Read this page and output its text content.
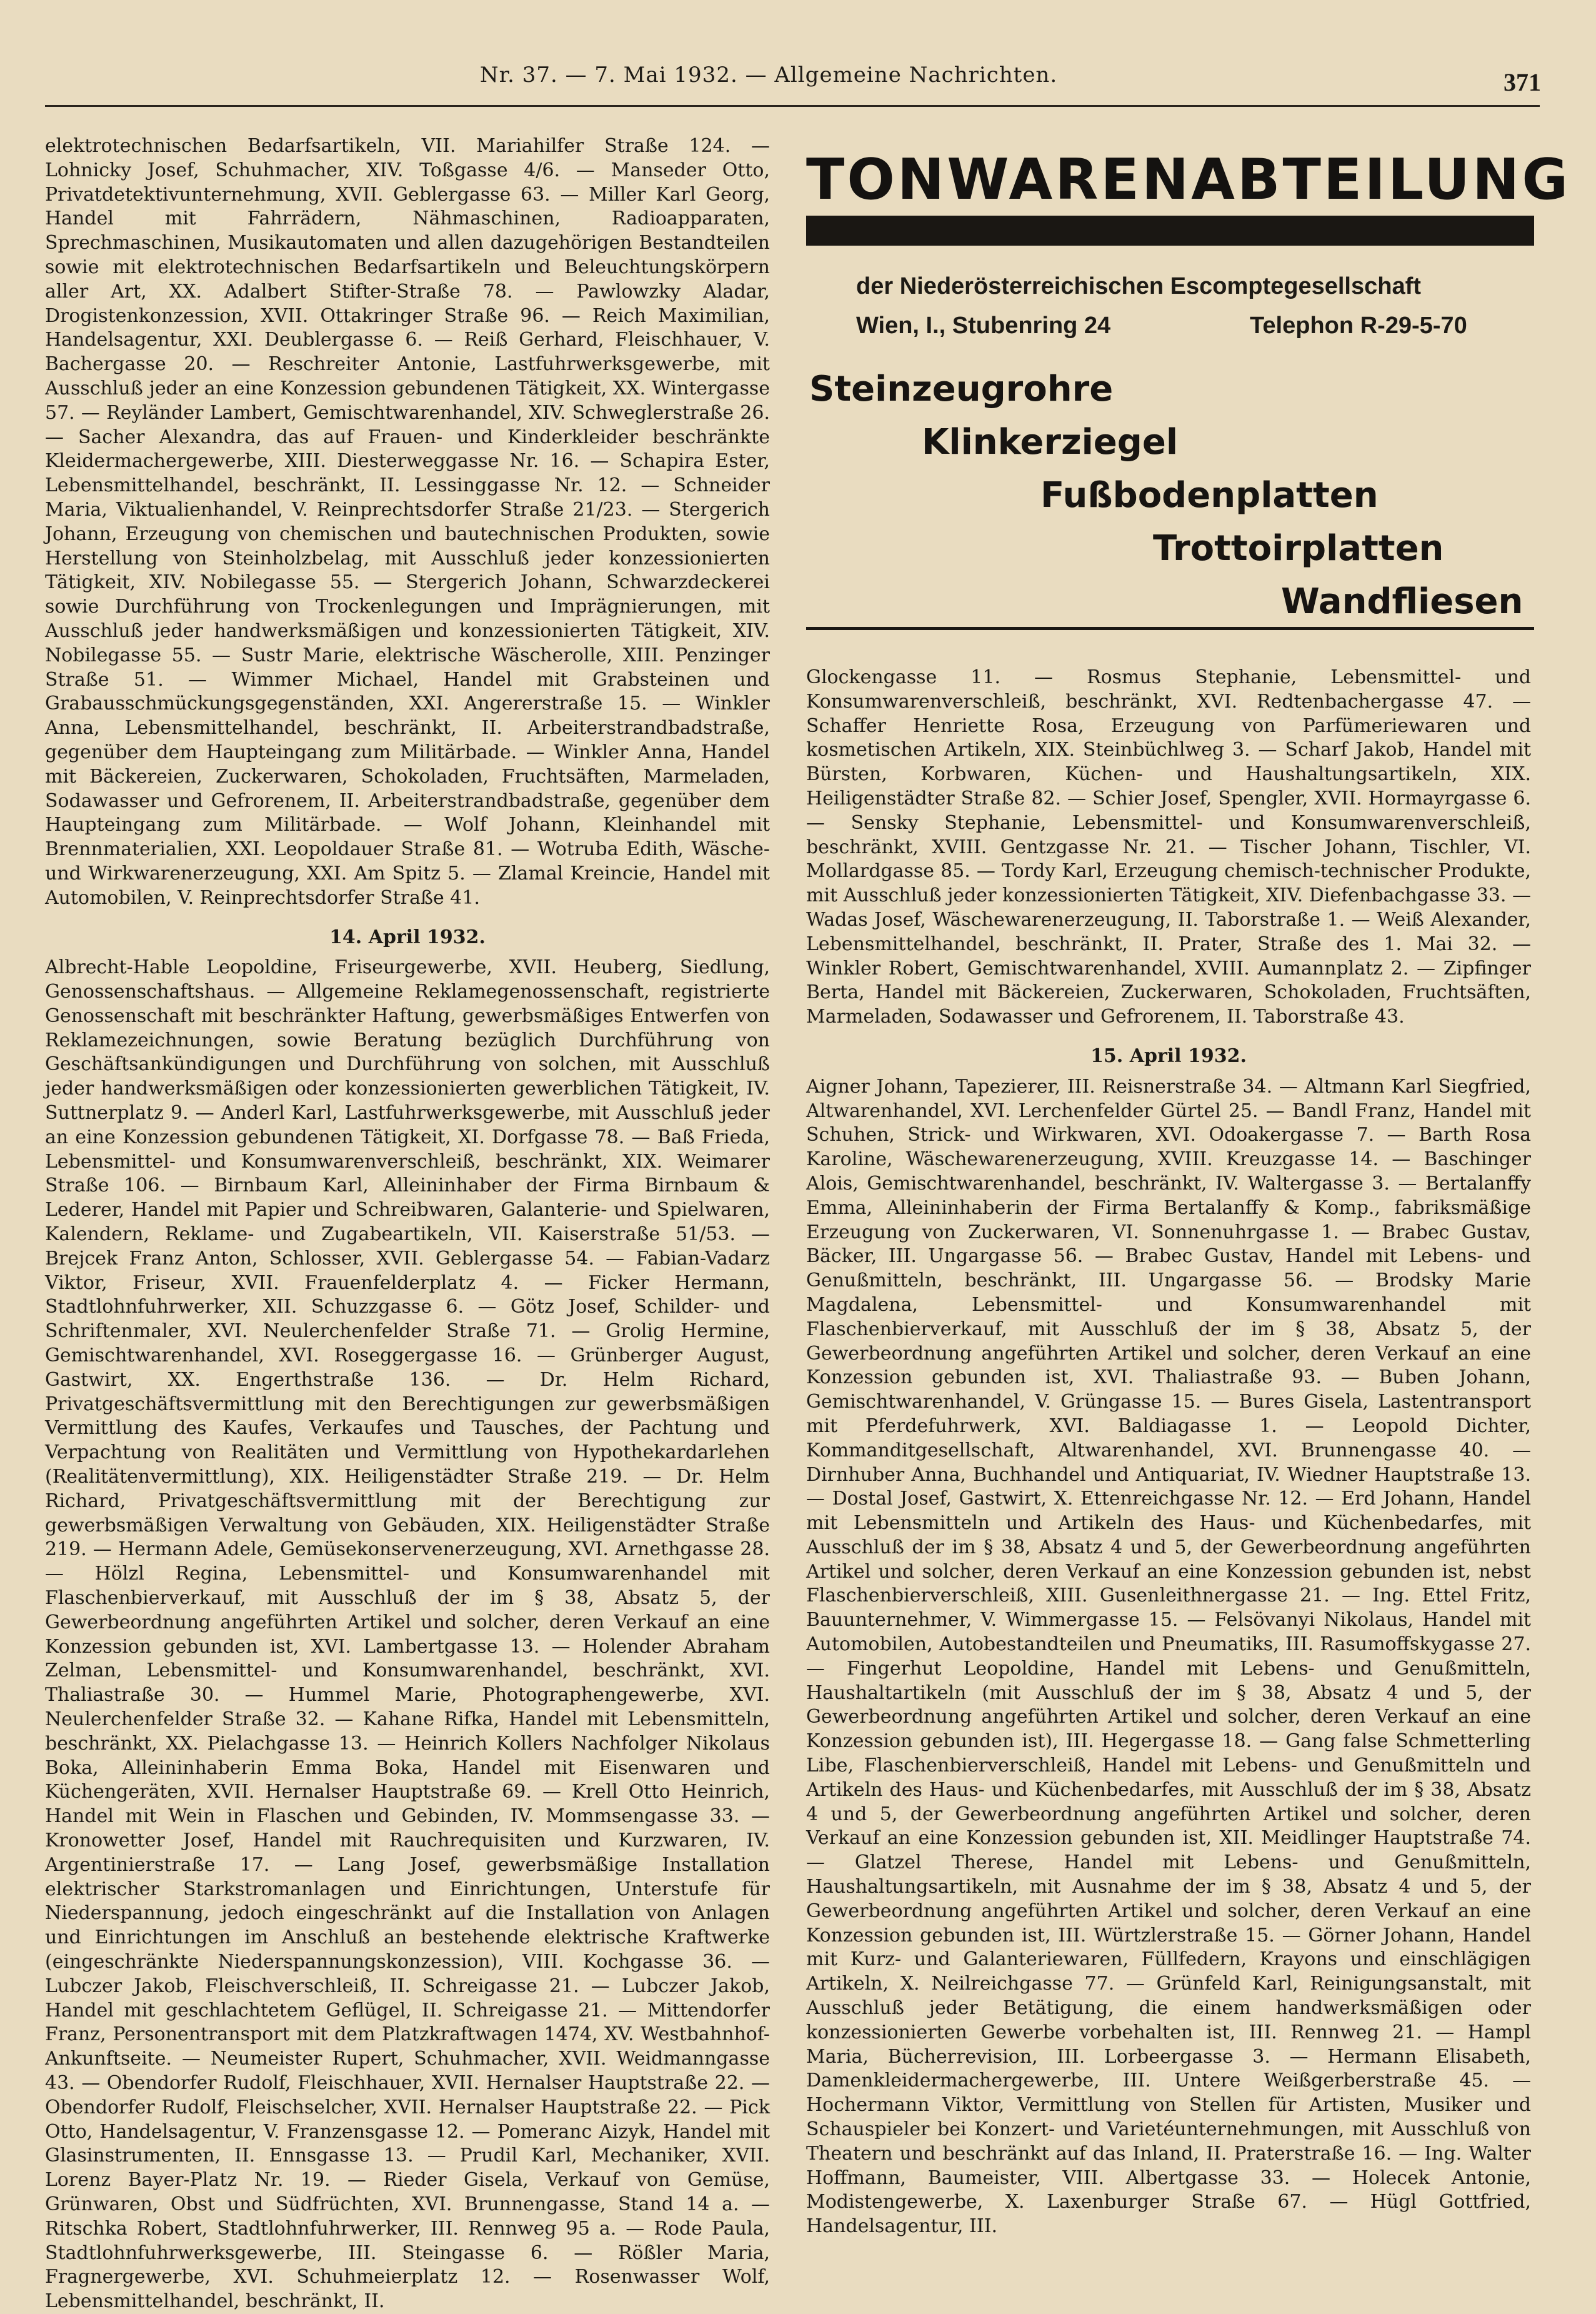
Nr. 37. — 7. Mai 1932. — Allgemeine Nachrichten.	371

elektrotechnischen Bedarfsartikeln, VII. Mariahilfer Straße 124. — Lohnicky Josef, Schuhmacher, XIV. Toßgasse 4/6. — Manseder Otto, Privatdetektivunternehmung, XVII. Geblergasse 63. — Miller Karl Georg, Handel mit Fahrrädern, Nähmaschinen, Radioapparaten, Sprechmaschinen, Musikautomaten und allen dazugehörigen Bestandteilen sowie mit elektrotechnischen Bedarfsartikeln und Beleuchtungskörpern aller Art, XX. Adalbert Stifter-Straße 78. — Pawlowzky Aladar, Drogistenkonzession, XVII. Ottakringer Straße 96. — Reich Maximilian, Handelsagentur, XXI. Deublergasse 6. — Reiß Gerhard, Fleischhauer, V. Bachergasse 20. — Reschreiter Antonie, Lastfuhrwerksgewerbe, mit Ausschluß jeder an eine Konzession gebundenen Tätigkeit, XX. Wintergasse 57. — Reyländer Lambert, Gemischtwarenhandel, XIV. Schweglerstraße 26. — Sacher Alexandra, das auf Frauen- und Kinderkleider beschränkte Kleidermachergewerbe, XIII. Diesterweggasse Nr. 16. — Schapira Ester, Lebensmittelhandel, beschränkt, II. Lessinggasse Nr. 12. — Schneider Maria, Viktualienhandel, V. Reinprechtsdorfer Straße 21/23. — Stergerich Johann, Erzeugung von chemischen und bautechnischen Produkten, sowie Herstellung von Steinholzbelag, mit Ausschluß jeder konzessionierten Tätigkeit, XIV. Nobilegasse 55. — Stergerich Johann, Schwarzdeckerei sowie Durchführung von Trockenlegungen und Imprägnierungen, mit Ausschluß jeder handwerksmäßigen und konzessionierten Tätigkeit, XIV. Nobilegasse 55. — Sustr Marie, elektrische Wäscherolle, XIII. Penzinger Straße 51. — Wimmer Michael, Handel mit Grabsteinen und Grabausschmückungsgegenständen, XXI. Angererstraße 15. — Winkler Anna, Lebensmittelhandel, beschränkt, II. Arbeiterstrandbadstraße, gegenüber dem Haupteingang zum Militärbade. — Winkler Anna, Handel mit Bäckereien, Zuckerwaren, Schokoladen, Fruchtsäften, Marmeladen, Sodawasser und Gefrorenem, II. Arbeiterstrandbadstraße, gegenüber dem Haupteingang zum Militärbade. — Wolf Johann, Kleinhandel mit Brennmaterialien, XXI. Leopoldauer Straße 81. — Wotruba Edith, Wäsche- und Wirkwarenerzeugung, XXI. Am Spitz 5. — Zlamal Kreincie, Handel mit Automobilen, V. Reinprechtsdorfer Straße 41.

14. April 1932.

Albrecht-Hable Leopoldine, Friseurgewerbe, XVII. Heuberg, Siedlung, Genossenschaftshaus. — Allgemeine Reklamegenossenschaft, registrierte Genossenschaft mit beschränkter Haftung, gewerbsmäßiges Entwerfen von Reklamezeichnungen, sowie Beratung bezüglich Durchführung von Geschäftsankündigungen und Durchführung von solchen, mit Ausschluß jeder handwerksmäßigen oder konzessionierten gewerblichen Tätigkeit, IV. Suttnerplatz 9. — Anderl Karl, Lastfuhrwerksgewerbe, mit Ausschluß jeder an eine Konzession gebundenen Tätigkeit, XI. Dorfgasse 78. — Baß Frieda, Lebensmittel- und Konsumwarenverschleiß, beschränkt, XIX. Weimarer Straße 106. — Birnbaum Karl, Alleininhaber der Firma Birnbaum & Lederer, Handel mit Papier und Schreibwaren, Galanterie- und Spielwaren, Kalendern, Reklame- und Zugabeartikeln, VII. Kaiserstraße 51/53. — Brejcek Franz Anton, Schlosser, XVII. Geblergasse 54. — Fabian-Vadarz Viktor, Friseur, XVII. Frauenfelderplatz 4. — Ficker Hermann, Stadtlohnfuhrwerker, XII. Schuzzgasse 6. — Götz Josef, Schilder- und Schriftenmaler, XVI. Neulerchenfelder Straße 71. — Grolig Hermine, Gemischtwarenhandel, XVI. Roseggergasse 16. — Grünberger August, Gastwirt, XX. Engerthstraße 136. — Dr. Helm Richard, Privatgeschäftsvermittlung mit den Berechtigungen zur gewerbsmäßigen Vermittlung des Kaufes, Verkaufes und Tausches, der Pachtung und Verpachtung von Realitäten und Vermittlung von Hypothekardarlehen (Realitätenvermittlung), XIX. Heiligenstädter Straße 219. — Dr. Helm Richard, Privatgeschäftsvermittlung mit der Berechtigung zur gewerbsmäßigen Verwaltung von Gebäuden, XIX. Heiligenstädter Straße 219. — Hermann Adele, Gemüsekonservenerzeugung, XVI. Arnethgasse 28. — Hölzl Regina, Lebensmittel- und Konsumwarenhandel mit Flaschenbierverkauf, mit Ausschluß der im § 38, Absatz 5, der Gewerbeordnung angeführten Artikel und solcher, deren Verkauf an eine Konzession gebunden ist, XVI. Lambertgasse 13. — Holender Abraham Zelman, Lebensmittel- und Konsumwarenhandel, beschränkt, XVI. Thaliastraße 30. — Hummel Marie, Photographengewerbe, XVI. Neulerchenfelder Straße 32. — Kahane Rifka, Handel mit Lebensmitteln, beschränkt, XX. Pielachgasse 13. — Heinrich Kollers Nachfolger Nikolaus Boka, Alleininhaberin Emma Boka, Handel mit Eisenwaren und Küchengeräten, XVII. Hernalser Hauptstraße 69. — Krell Otto Heinrich, Handel mit Wein in Flaschen und Gebinden, IV. Mommsengasse 33. — Kronowetter Josef, Handel mit Rauchrequisiten und Kurzwaren, IV. Argentinierstraße 17. — Lang Josef, gewerbsmäßige Installation elektrischer Starkstromanlagen und Einrichtungen, Unterstufe für Niederspannung, jedoch eingeschränkt auf die Installation von Anlagen und Einrichtungen im Anschluß an bestehende elektrische Kraftwerke (eingeschränkte Niederspannungskonzession), VIII. Kochgasse 36. — Lubczer Jakob, Fleischverschleiß, II. Schreigasse 21. — Lubczer Jakob, Handel mit geschlachtetem Geflügel, II. Schreigasse 21. — Mittendorfer Franz, Personentransport mit dem Platzkraftwagen 1474, XV. Westbahnhof-Ankunftseite. — Neumeister Rupert, Schuhmacher, XVII. Weidmanngasse 43. — Obendorfer Rudolf, Fleischhauer, XVII. Hernalser Hauptstraße 22. — Obendorfer Rudolf, Fleischselcher, XVII. Hernalser Hauptstraße 22. — Pick Otto, Handelsagentur, V. Franzensgasse 12. — Pomeranc Aizyk, Handel mit Glasinstrumenten, II. Ennsgasse 13. — Prudil Karl, Mechaniker, XVII. Lorenz Bayer-Platz Nr. 19. — Rieder Gisela, Verkauf von Gemüse, Grünwaren, Obst und Südfrüchten, XVI. Brunnengasse, Stand 14 a. — Ritschka Robert, Stadtlohnfuhrwerker, III. Rennweg 95 a. — Rode Paula, Stadtlohnfuhrwerksgewerbe, III. Steingasse 6. — Rößler Maria, Fragnergewerbe, XVI. Schuhmeierplatz 12. — Rosenwasser Wolf, Lebensmittelhandel, beschränkt, II.

TONWARENABTEILUNG
der Niederösterreichischen Escomptegesellschaft
Wien, I., Stubenring 24	Telephon R-29-5-70
Steinzeugrohre
Klinkerziegel
Fußbodenplatten
Trottoirplatten
Wandfliesen

Glockengasse 11. — Rosmus Stephanie, Lebensmittel- und Konsumwarenverschleiß, beschränkt, XVI. Redtenbachergasse 47. — Schaffer Henriette Rosa, Erzeugung von Parfümeriewaren und kosmetischen Artikeln, XIX. Steinbüchlweg 3. — Scharf Jakob, Handel mit Bürsten, Korbwaren, Küchen- und Haushaltungsartikeln, XIX. Heiligenstädter Straße 82. — Schier Josef, Spengler, XVII. Hormayrgasse 6. — Sensky Stephanie, Lebensmittel- und Konsumwarenverschleiß, beschränkt, XVIII. Gentzgasse Nr. 21. — Tischer Johann, Tischler, VI. Mollardgasse 85. — Tordy Karl, Erzeugung chemisch-technischer Produkte, mit Ausschluß jeder konzessionierten Tätigkeit, XIV. Diefenbachgasse 33. — Wadas Josef, Wäschewarenerzeugung, II. Taborstraße 1. — Weiß Alexander, Lebensmittelhandel, beschränkt, II. Prater, Straße des 1. Mai 32. — Winkler Robert, Gemischtwarenhandel, XVIII. Aumannplatz 2. — Zipfinger Berta, Handel mit Bäckereien, Zuckerwaren, Schokoladen, Fruchtsäften, Marmeladen, Sodawasser und Gefrorenem, II. Taborstraße 43.

15. April 1932.

Aigner Johann, Tapezierer, III. Reisnerstraße 34. — Altmann Karl Siegfried, Altwarenhandel, XVI. Lerchenfelder Gürtel 25. — Bandl Franz, Handel mit Schuhen, Strick- und Wirkwaren, XVI. Odoakergasse 7. — Barth Rosa Karoline, Wäschewarenerzeugung, XVIII. Kreuzgasse 14. — Baschinger Alois, Gemischtwarenhandel, beschränkt, IV. Waltergasse 3. — Bertalanffy Emma, Alleininhaberin der Firma Bertalanffy & Komp., fabriksmäßige Erzeugung von Zuckerwaren, VI. Sonnenuhrgasse 1. — Brabec Gustav, Bäcker, III. Ungargasse 56. — Brabec Gustav, Handel mit Lebens- und Genußmitteln, beschränkt, III. Ungargasse 56. — Brodsky Marie Magdalena, Lebensmittel- und Konsumwarenhandel mit Flaschenbierverkauf, mit Ausschluß der im § 38, Absatz 5, der Gewerbeordnung angeführten Artikel und solcher, deren Verkauf an eine Konzession gebunden ist, XVI. Thaliastraße 93. — Buben Johann, Gemischtwarenhandel, V. Grüngasse 15. — Bures Gisela, Lastentransport mit Pferdefuhrwerk, XVI. Baldiagasse 1. — Leopold Dichter, Kommanditgesellschaft, Altwarenhandel, XVI. Brunnengasse 40. — Dirnhuber Anna, Buchhandel und Antiquariat, IV. Wiedner Hauptstraße 13. — Dostal Josef, Gastwirt, X. Ettenreichgasse Nr. 12. — Erd Johann, Handel mit Lebensmitteln und Artikeln des Haus- und Küchenbedarfes, mit Ausschluß der im § 38, Absatz 4 und 5, der Gewerbeordnung angeführten Artikel und solcher, deren Verkauf an eine Konzession gebunden ist, nebst Flaschenbierverschleiß, XIII. Gusenleithnergasse 21. — Ing. Ettel Fritz, Bauunternehmer, V. Wimmergasse 15. — Felsövanyi Nikolaus, Handel mit Automobilen, Autobestandteilen und Pneumatiks, III. Rasumoffskygasse 27. — Fingerhut Leopoldine, Handel mit Lebens- und Genußmitteln, Haushaltartikeln (mit Ausschluß der im § 38, Absatz 4 und 5, der Gewerbeordnung angeführten Artikel und solcher, deren Verkauf an eine Konzession gebunden ist), III. Hegergasse 18. — Gang false Schmetterling Libe, Flaschenbierverschleiß, Handel mit Lebens- und Genußmitteln und Artikeln des Haus- und Küchenbedarfes, mit Ausschluß der im § 38, Absatz 4 und 5, der Gewerbeordnung angeführten Artikel und solcher, deren Verkauf an eine Konzession gebunden ist, XII. Meidlinger Hauptstraße 74. — Glatzel Therese, Handel mit Lebens- und Genußmitteln, Haushaltungsartikeln, mit Ausnahme der im § 38, Absatz 4 und 5, der Gewerbeordnung angeführten Artikel und solcher, deren Verkauf an eine Konzession gebunden ist, III. Würtzlerstraße 15. — Görner Johann, Handel mit Kurz- und Galanteriewaren, Füllfedern, Krayons und einschlägigen Artikeln, X. Neilreichgasse 77. — Grünfeld Karl, Reinigungsanstalt, mit Ausschluß jeder Betätigung, die einem handwerksmäßigen oder konzessionierten Gewerbe vorbehalten ist, III. Rennweg 21. — Hampl Maria, Bücherrevision, III. Lorbeergasse 3. — Hermann Elisabeth, Damenkleidermachergewerbe, III. Untere Weißgerberstraße 45. — Hochermann Viktor, Vermittlung von Stellen für Artisten, Musiker und Schauspieler bei Konzert- und Varietéunternehmungen, mit Ausschluß von Theatern und beschränkt auf das Inland, II. Praterstraße 16. — Ing. Walter Hoffmann, Baumeister, VIII. Albertgasse 33. — Holecek Antonie, Modistengewerbe, X. Laxenburger Straße 67. — Hügl Gottfried, Handelsagentur, III.
